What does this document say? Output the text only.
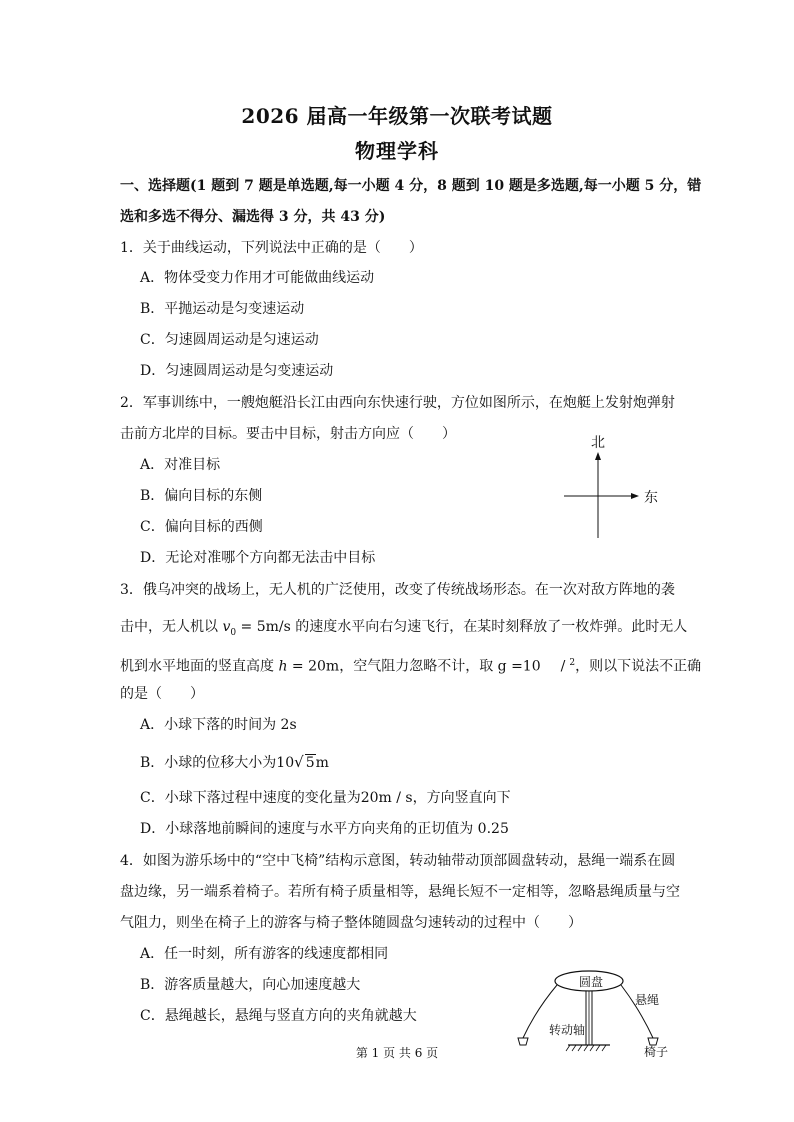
2026 届高一年级第一次联考试题
物理学科
一、选择题(1 题到 7 题是单选题,每一小题 4 分，8 题到 10 题是多选题,每一小题 5 分，错
选和多选不得分、漏选得 3 分，共 43 分)
1．关于曲线运动，下列说法中正确的是（　　）
A．物体受变力作用才可能做曲线运动
B．平抛运动是匀变速运动
C．匀速圆周运动是匀速运动
D．匀速圆周运动是匀变速运动
2．军事训练中，一艘炮艇沿长江由西向东快速行驶，方位如图所示，在炮艇上发射炮弹射
击前方北岸的目标。要击中目标，射击方向应（　　）
A．对准目标
B．偏向目标的东侧
C．偏向目标的西侧
D．无论对准哪个方向都无法击中目标
北
东
3．俄乌冲突的战场上，无人机的广泛使用，改变了传统战场形态。在一次对敌方阵地的袭
击中，无人机以 $v_0 = 5m/s$ 的速度水平向右匀速飞行，在某时刻释放了一枚炸弹。此时无人
机到水平地面的竖直高度 h = 20m，空气阻力忽略不计，取 g =10 / $^2$，则以下说法不正确
的是（　　）
A．小球下落的时间为 2s
B．小球的位移大小为10√ 5m
C．小球下落过程中速度的变化量为20m / s，方向竖直向下
D．小球落地前瞬间的速度与水平方向夹角的正切值为 0.25
4．如图为游乐场中的“空中飞椅”结构示意图，转动轴带动顶部圆盘转动，悬绳一端系在圆
盘边缘，另一端系着椅子。若所有椅子质量相等，悬绳长短不一定相等，忽略悬绳质量与空
气阻力，则坐在椅子上的游客与椅子整体随圆盘匀速转动的过程中（　　）
A．任一时刻，所有游客的线速度都相同
B．游客质量越大，向心加速度越大
C．悬绳越长，悬绳与竖直方向的夹角就越大
圆盘
悬绳
转动轴
椅子
第 1 页 共 6 页
